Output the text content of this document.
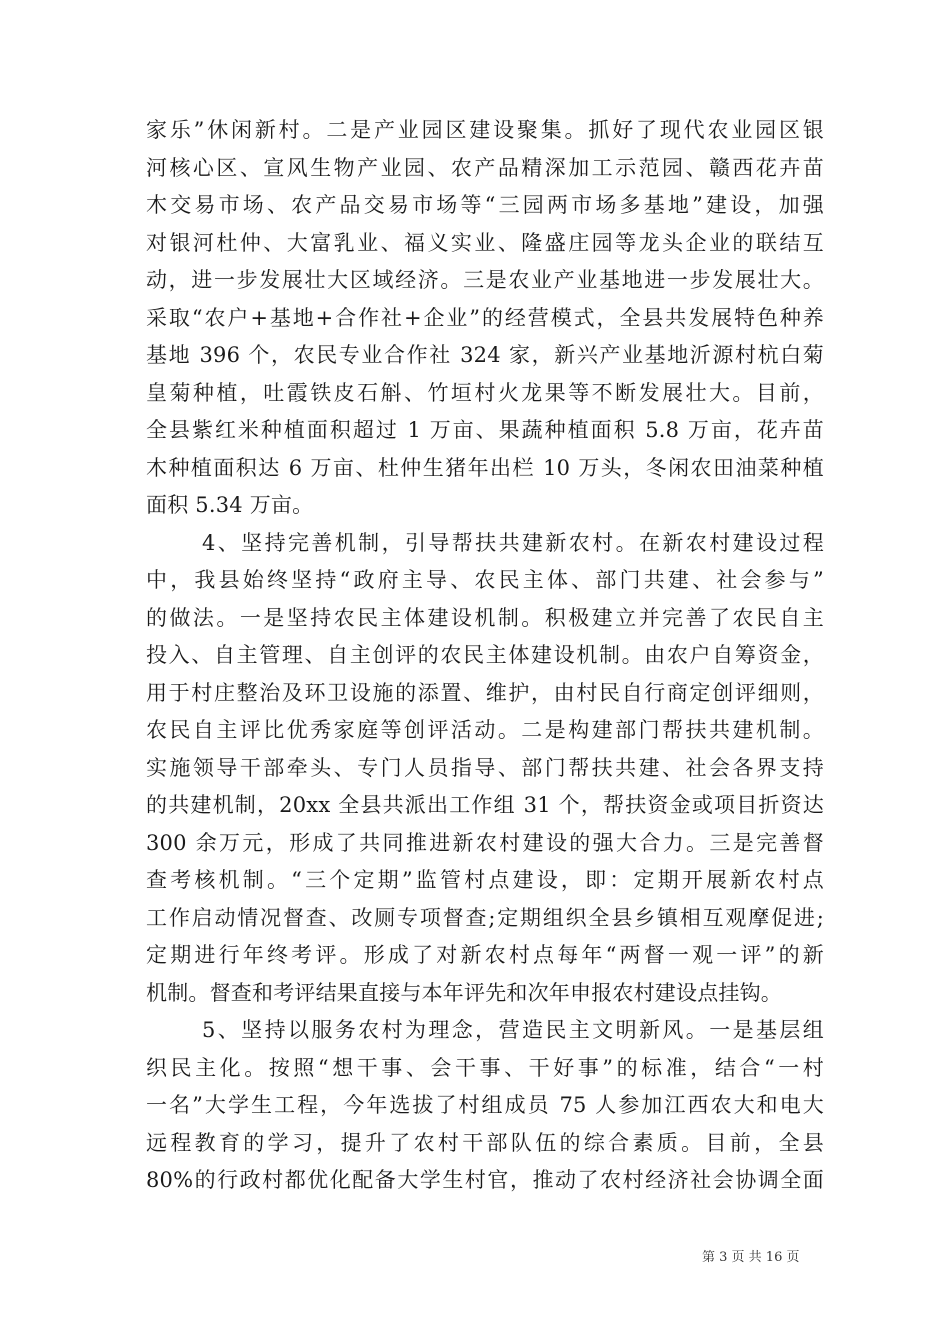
家乐”休闲新村。二是产业园区建设聚集。抓好了现代农业园区银
河核心区、宣风生物产业园、农产品精深加工示范园、赣西花卉苗
木交易市场、农产品交易市场等“三园两市场多基地”建设，加强
对银河杜仲、大富乳业、福义实业、隆盛庄园等龙头企业的联结互
动，进一步发展壮大区域经济。三是农业产业基地进一步发展壮大。
采取“农户+基地+合作社+企业”的经营模式，全县共发展特色种养
基地 396 个，农民专业合作社 324 家，新兴产业基地沂源村杭白菊
皇菊种植，吐霞铁皮石斛、竹垣村火龙果等不断发展壮大。目前，
全县紫红米种植面积超过 1 万亩、果蔬种植面积 5.8 万亩，花卉苗
木种植面积达 6 万亩、杜仲生猪年出栏 10 万头，冬闲农田油菜种植
面积 5.34 万亩。
4、坚持完善机制，引导帮扶共建新农村。在新农村建设过程
中，我县始终坚持“政府主导、农民主体、部门共建、社会参与”
的做法。一是坚持农民主体建设机制。积极建立并完善了农民自主
投入、自主管理、自主创评的农民主体建设机制。由农户自筹资金，
用于村庄整治及环卫设施的添置、维护，由村民自行商定创评细则，
农民自主评比优秀家庭等创评活动。二是构建部门帮扶共建机制。
实施领导干部牵头、专门人员指导、部门帮扶共建、社会各界支持
的共建机制，20xx 全县共派出工作组 31 个，帮扶资金或项目折资达
300 余万元，形成了共同推进新农村建设的强大合力。三是完善督
查考核机制。“三个定期”监管村点建设，即：定期开展新农村点
工作启动情况督查、改厕专项督查;定期组织全县乡镇相互观摩促进;
定期进行年终考评。形成了对新农村点每年“两督一观一评”的新
机制。督查和考评结果直接与本年评先和次年申报农村建设点挂钩。
5、坚持以服务农村为理念，营造民主文明新风。一是基层组
织民主化。按照“想干事、会干事、干好事”的标准，结合“一村
一名”大学生工程，今年选拔了村组成员 75 人参加江西农大和电大
远程教育的学习，提升了农村干部队伍的综合素质。目前，全县
80%的行政村都优化配备大学生村官，推动了农村经济社会协调全面
第 3 页 共 16 页
